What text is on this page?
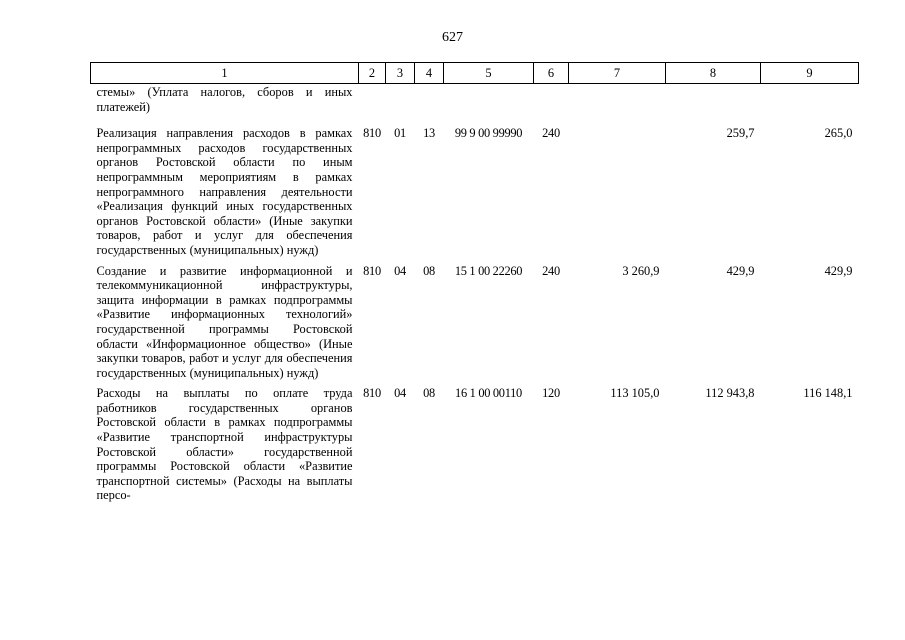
627
1	2	3	4	5	6	7	8	9
стемы» (Уплата налогов, сборов и иных платежей)								
Реализация направления расходов в рамках непрограммных расходов государственных органов Ростовской области по иным непрограммным мероприятиям в рамках непрограммного направления деятельности «Реализация функций иных государственных органов Ростовской области» (Иные закупки товаров, работ и услуг для обеспечения государственных (муниципальных) нужд)	810	01	13	99 9 00 99990	240		259,7	265,0
Создание и развитие информационной и телекоммуникационной инфраструктуры, защита информации в рамках подпрограммы «Развитие информационных технологий» государственной программы Ростовской области «Информационное общество» (Иные закупки товаров, работ и услуг для обеспечения государственных (муниципальных) нужд)	810	04	08	15 1 00 22260	240	3 260,9	429,9	429,9
Расходы на выплаты по оплате труда работников государственных органов Ростовской области в рамках подпрограммы «Развитие транспортной инфраструктуры Ростовской области» государственной программы Ростовской области «Развитие транспортной системы» (Расходы на выплаты персо-	810	04	08	16 1 00 00110	120	113 105,0	112 943,8	116 148,1
